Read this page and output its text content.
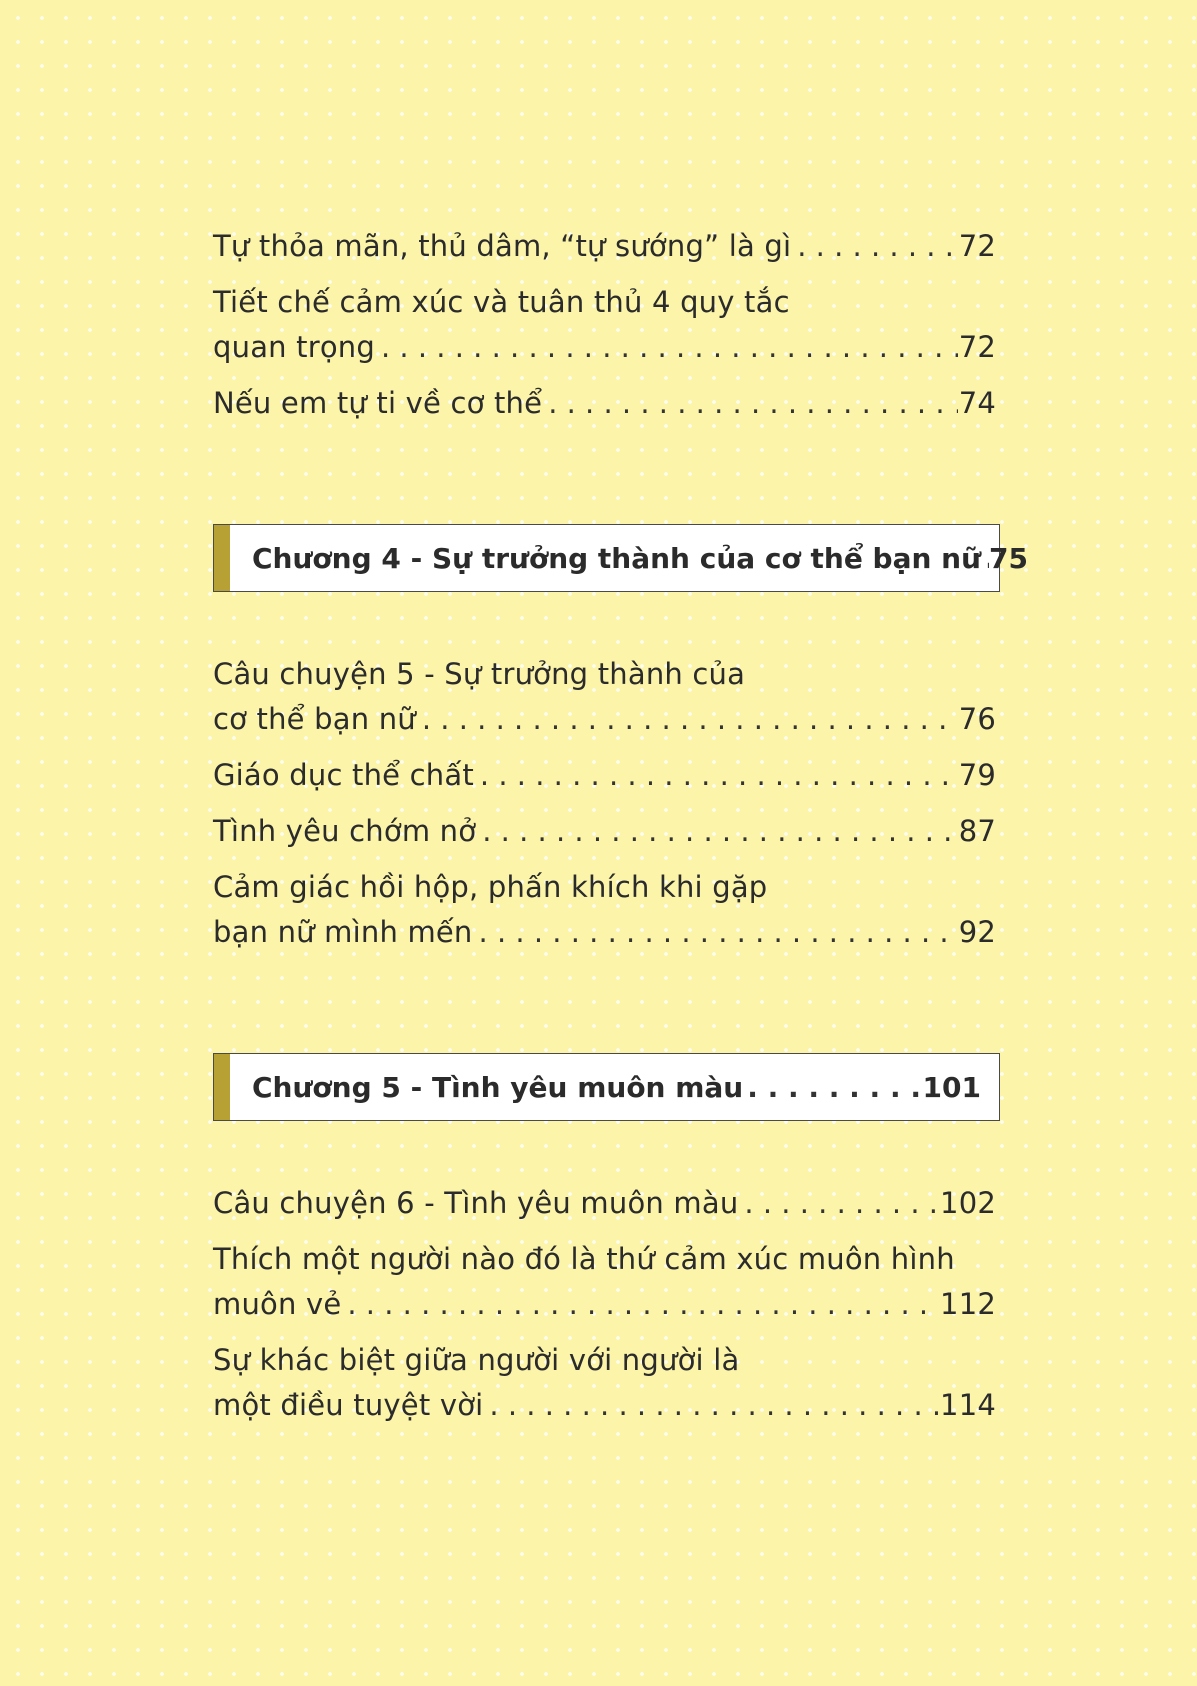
Tự thỏa mãn, thủ dâm, “tự sướng” là gì . . .	72
Tiết chế cảm xúc và tuân thủ 4 quy tắc
quan trọng . . .	72
Nếu em tự ti về cơ thể . . .	74
Chương 4 - Sự trưởng thành của cơ thể bạn nữ . . . 75
Câu chuyện 5 - Sự trưởng thành của
cơ thể bạn nữ . . .	76
Giáo dục thể chất . . .	79
Tình yêu chớm nở . . .	87
Cảm giác hồi hộp, phấn khích khi gặp
bạn nữ mình mến . . .	92
Chương 5 - Tình yêu muôn màu . . .	101
Câu chuyện 6 - Tình yêu muôn màu . . .	102
Thích một người nào đó là thứ cảm xúc muôn hình
muôn vẻ . . .	112
Sự khác biệt giữa người với người là
một điều tuyệt vời . . .	114
